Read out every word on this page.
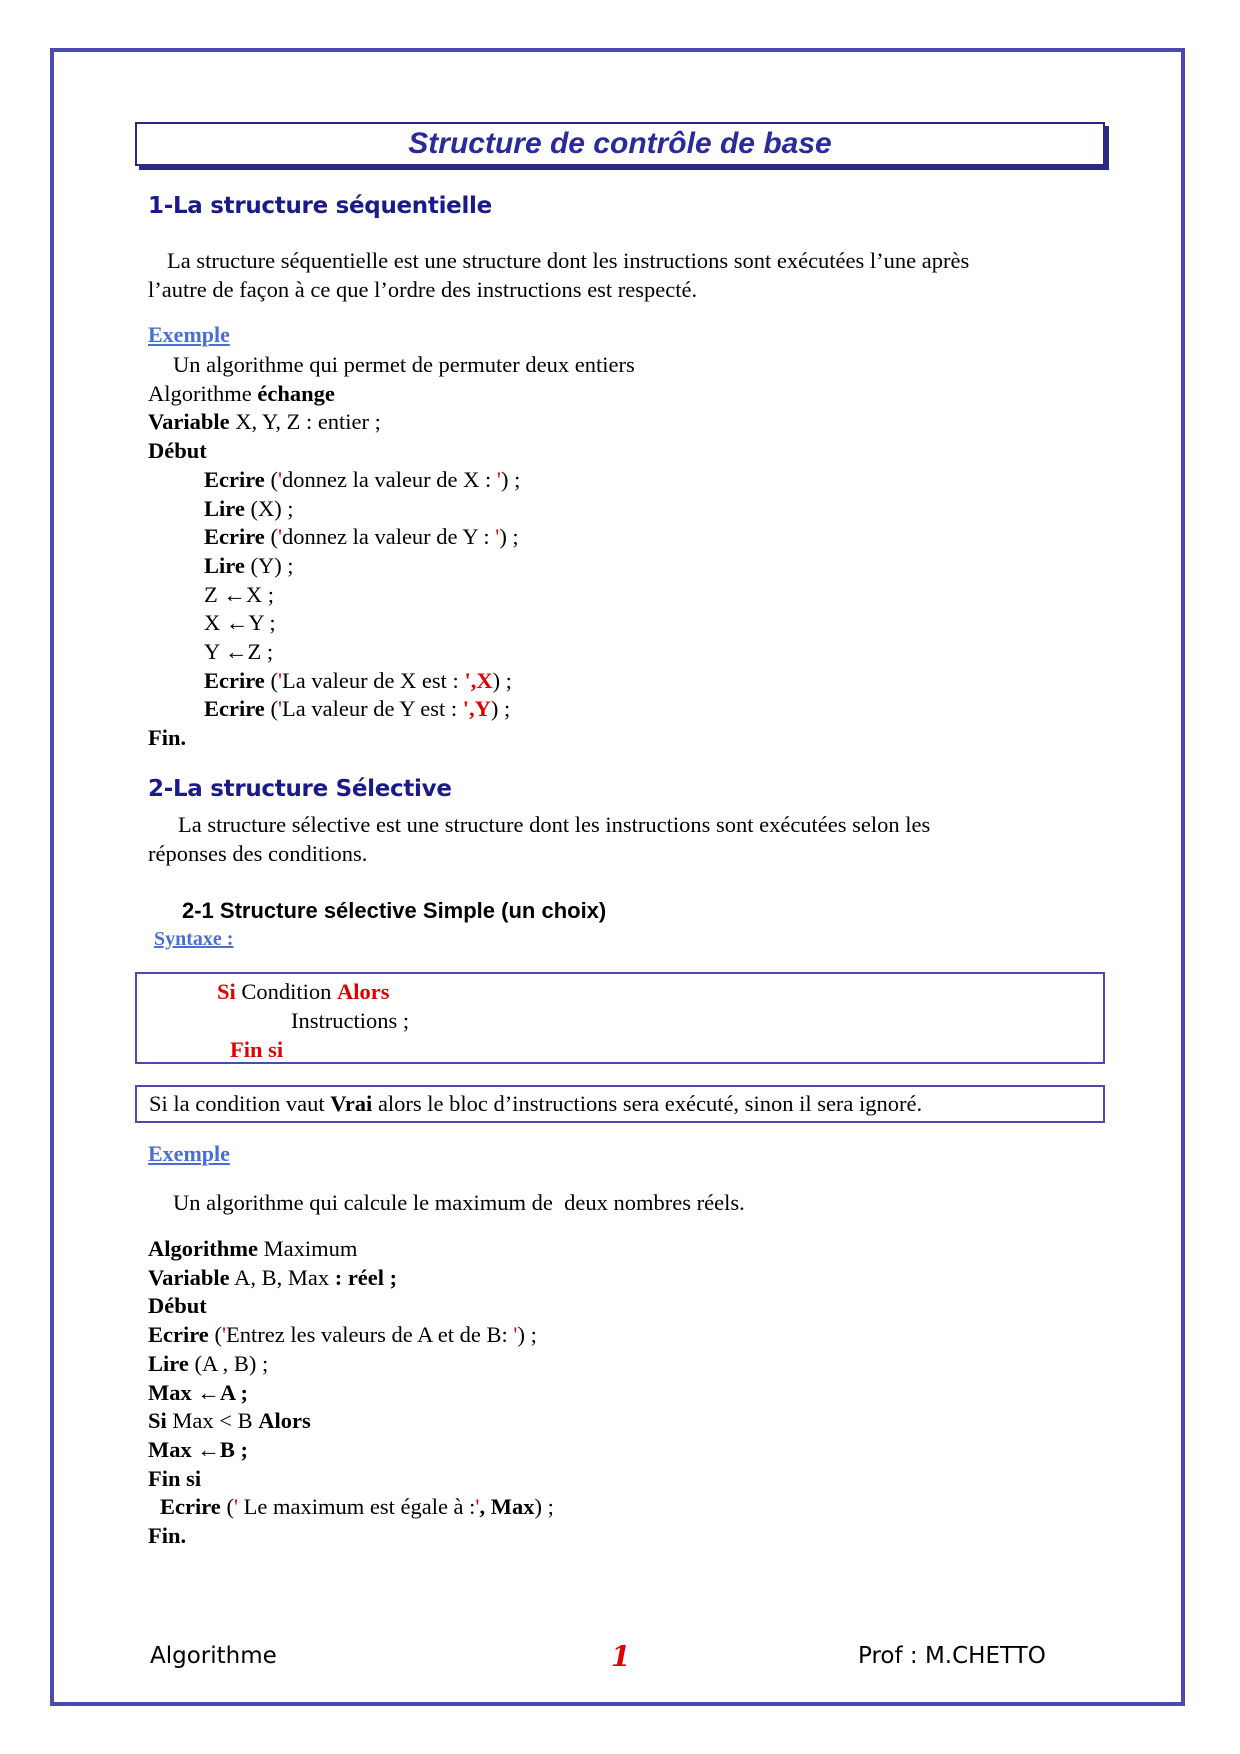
Structure de contrôle de base
1-La structure séquentielle
La structure séquentielle est une structure dont les instructions sont exécutées l’une après
l’autre de façon à ce que l’ordre des instructions est respecté.
Exemple
Un algorithme qui permet de permuter deux entiers
Algorithme échange
Variable X, Y, Z : entier ;
Début
Ecrire ('donnez la valeur de X : ') ;
Lire (X) ;
Ecrire ('donnez la valeur de Y : ') ;
Lire (Y) ;
Z ←X ;
X ←Y ;
Y ←Z ;
Ecrire ('La valeur de X est : ',X) ;
Ecrire ('La valeur de Y est : ',Y) ;
Fin.
2-La structure Sélective
La structure sélective est une structure dont les instructions sont exécutées selon les
réponses des conditions.
2-1 Structure sélective Simple (un choix)
Syntaxe :
Si Condition Alors
Instructions ;
Fin si
Si la condition vaut Vrai alors le bloc d’instructions sera exécuté, sinon il sera ignoré.
Exemple
Un algorithme qui calcule le maximum de  deux nombres réels.
Algorithme Maximum
Variable A, B, Max : réel ;
Début
Ecrire ('Entrez les valeurs de A et de B: ') ;
Lire (A , B) ;
Max ←A ;
Si Max < B Alors
Max ←B ;
Fin si
Ecrire (' Le maximum est égale à :', Max) ;
Fin.
Algorithme	1	Prof : M.CHETTO
